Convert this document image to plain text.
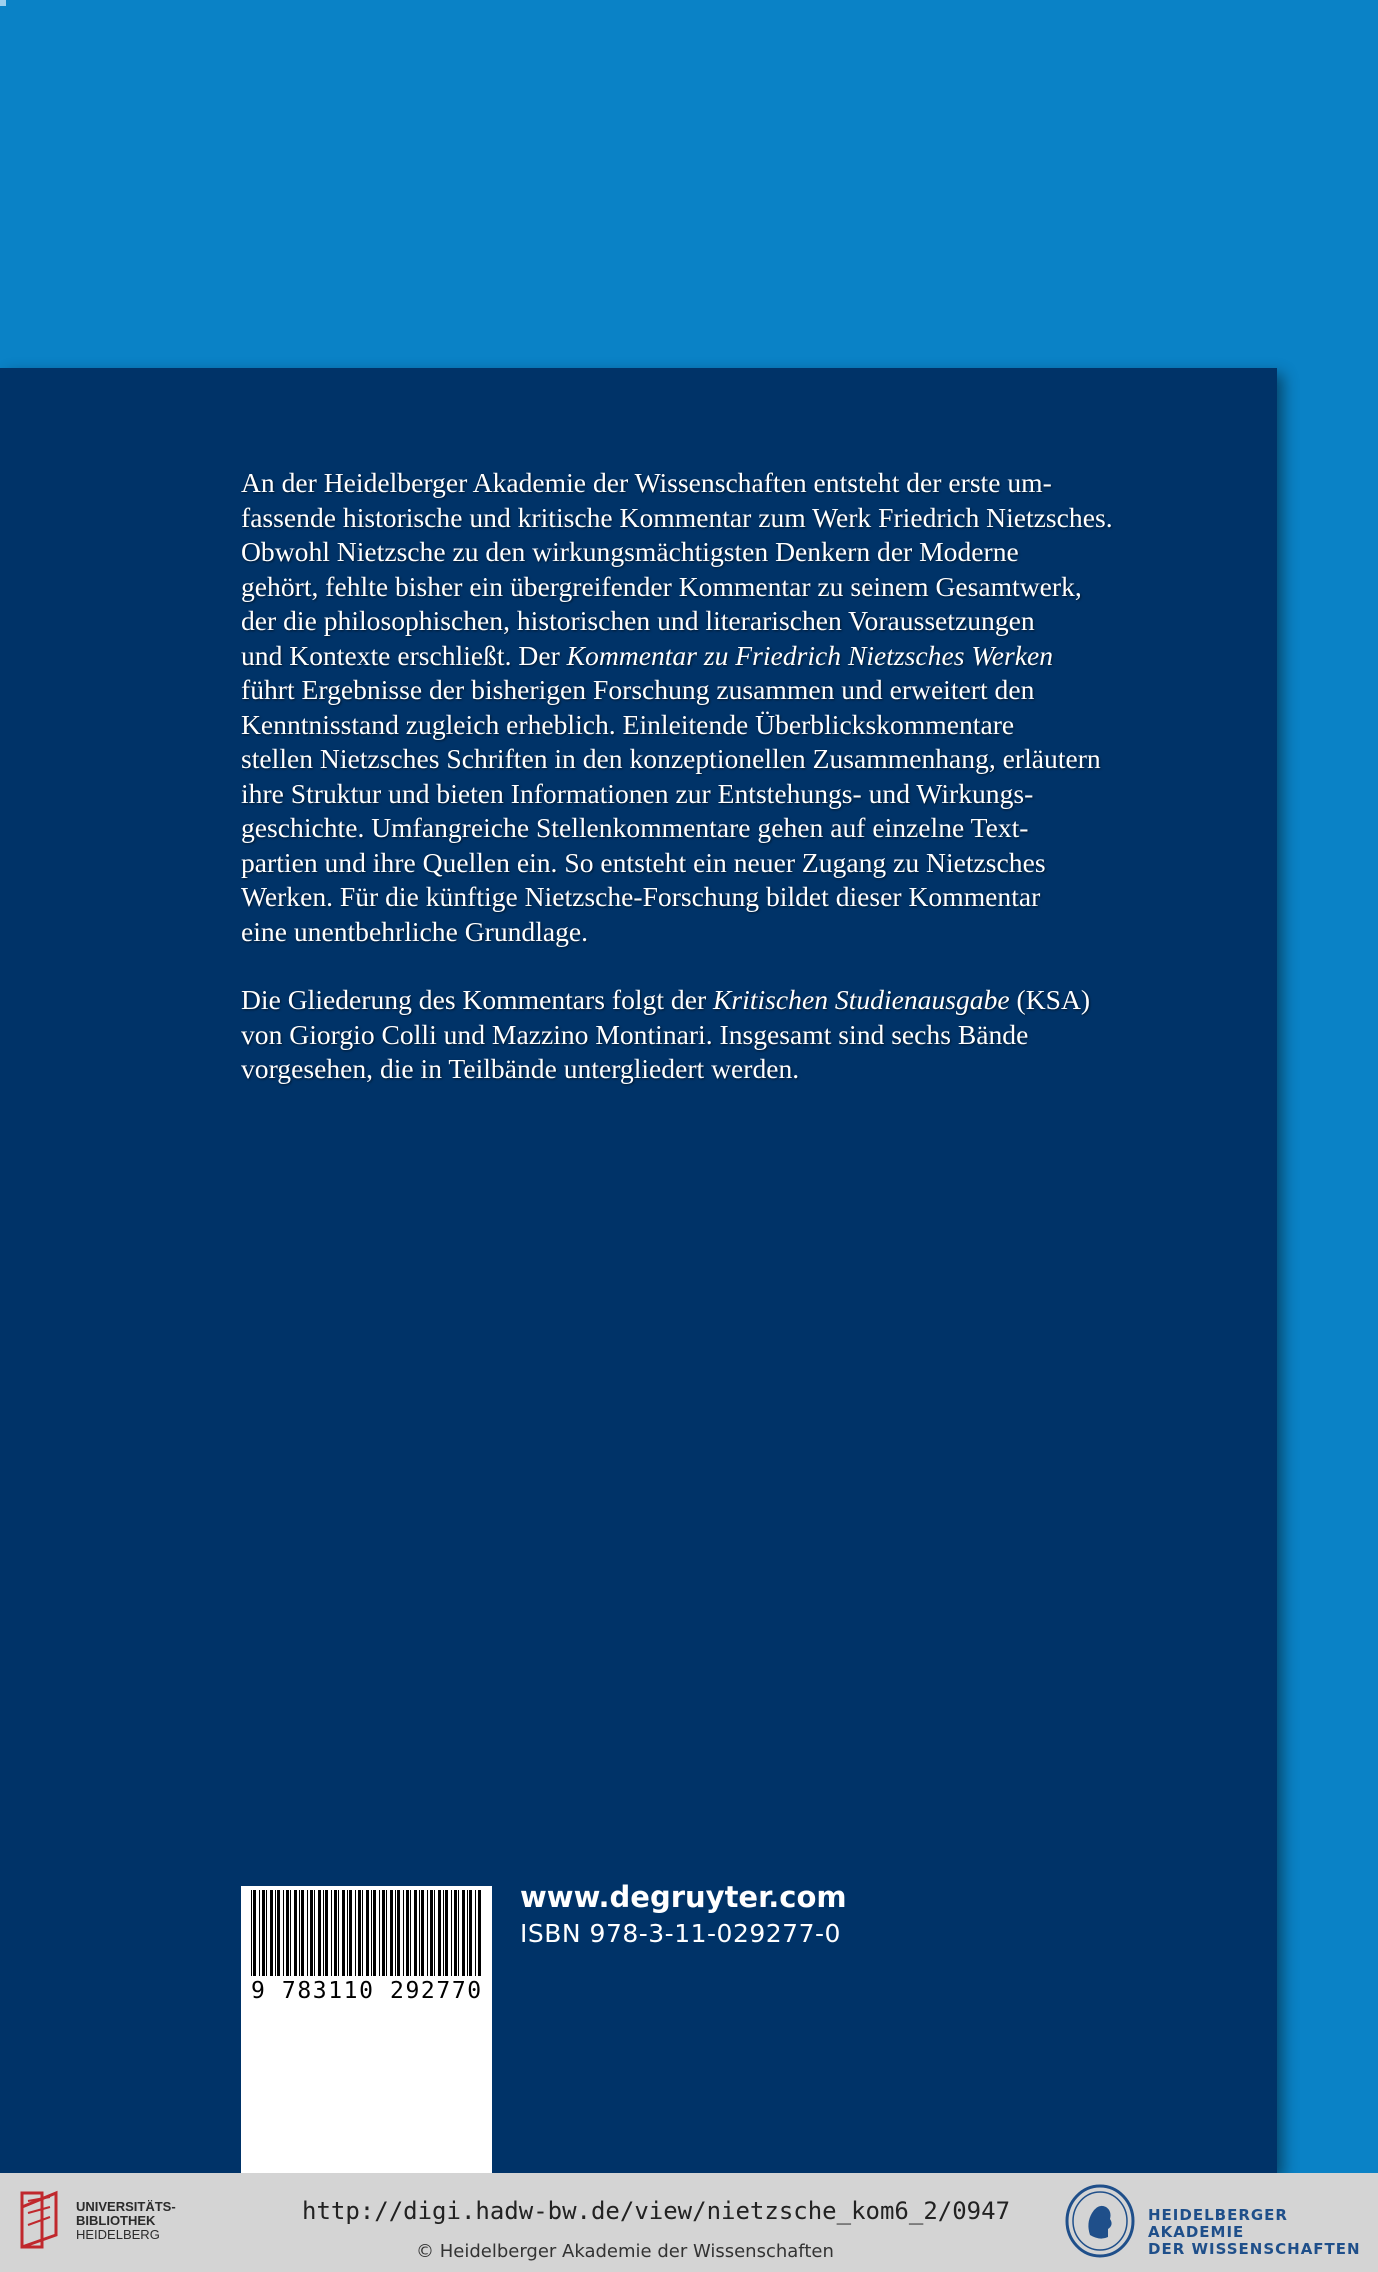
An der Heidelberger Akademie der Wissenschaften entsteht der erste um-
fassende historische und kritische Kommentar zum Werk Friedrich Nietzsches.
Obwohl Nietzsche zu den wirkungsmächtigsten Denkern der Moderne
gehört, fehlte bisher ein übergreifender Kommentar zu seinem Gesamtwerk,
der die philosophischen, historischen und literarischen Voraussetzungen
und Kontexte erschließt. Der Kommentar zu Friedrich Nietzsches Werken
führt Ergebnisse der bisherigen Forschung zusammen und erweitert den
Kenntnisstand zugleich erheblich. Einleitende Überblickskommentare
stellen Nietzsches Schriften in den konzeptionellen Zusammenhang, erläutern
ihre Struktur und bieten Informationen zur Entstehungs- und Wirkungs-
geschichte. Umfangreiche Stellenkommentare gehen auf einzelne Text-
partien und ihre Quellen ein. So entsteht ein neuer Zugang zu Nietzsches
Werken. Für die künftige Nietzsche-Forschung bildet dieser Kommentar
eine unentbehrliche Grundlage.

Die Gliederung des Kommentars folgt der Kritischen Studienausgabe (KSA)
von Giorgio Colli und Mazzino Montinari. Insgesamt sind sechs Bände
vorgesehen, die in Teilbände untergliedert werden.

9 783110 292770
www.degruyter.com
ISBN 978-3-11-029277-0
UNIVERSITÄTS-
BIBLIOTHEK
HEIDELBERG
http://digi.hadw-bw.de/view/nietzsche_kom6_2/0947
© Heidelberger Akademie der Wissenschaften
HEIDELBERGER AKADEMIE
DER WISSENSCHAFTEN
